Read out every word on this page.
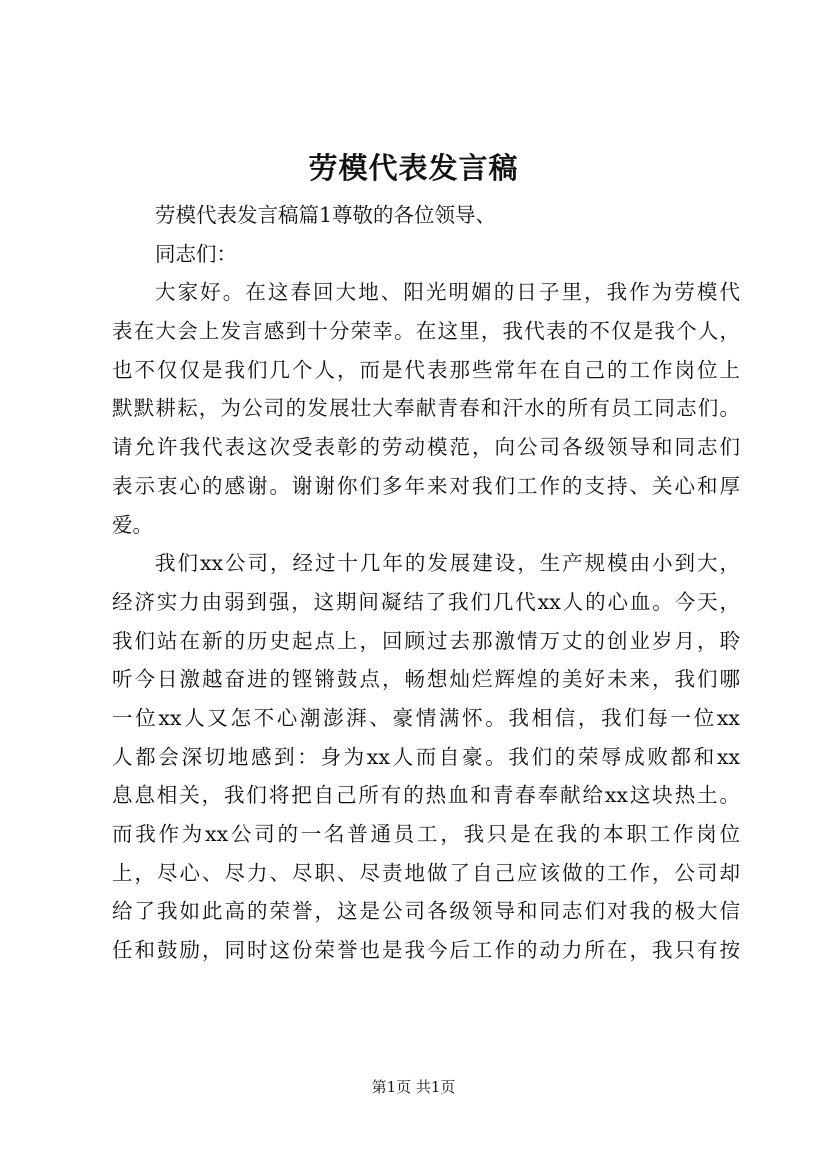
劳模代表发言稿
劳模代表发言稿篇1尊敬的各位领导、
同志们：
大家好。在这春回大地、阳光明媚的日子里，我作为劳模代
表在大会上发言感到十分荣幸。在这里，我代表的不仅是我个人，
也不仅仅是我们几个人，而是代表那些常年在自己的工作岗位上
默默耕耘，为公司的发展壮大奉献青春和汗水的所有员工同志们。
请允许我代表这次受表彰的劳动模范，向公司各级领导和同志们
表示衷心的感谢。谢谢你们多年来对我们工作的支持、关心和厚
爱。
我们xx公司，经过十几年的发展建设，生产规模由小到大，
经济实力由弱到强，这期间凝结了我们几代xx人的心血。今天，
我们站在新的历史起点上，回顾过去那激情万丈的创业岁月，聆
听今日激越奋进的铿锵鼓点，畅想灿烂辉煌的美好未来，我们哪
一位xx人又怎不心潮澎湃、豪情满怀。我相信，我们每一位xx
人都会深切地感到：身为xx人而自豪。我们的荣辱成败都和xx
息息相关，我们将把自己所有的热血和青春奉献给xx这块热土。
而我作为xx公司的一名普通员工，我只是在我的本职工作岗位
上，尽心、尽力、尽职、尽责地做了自己应该做的工作，公司却
给了我如此高的荣誉，这是公司各级领导和同志们对我的极大信
任和鼓励，同时这份荣誉也是我今后工作的动力所在，我只有按
第1页 共1页
